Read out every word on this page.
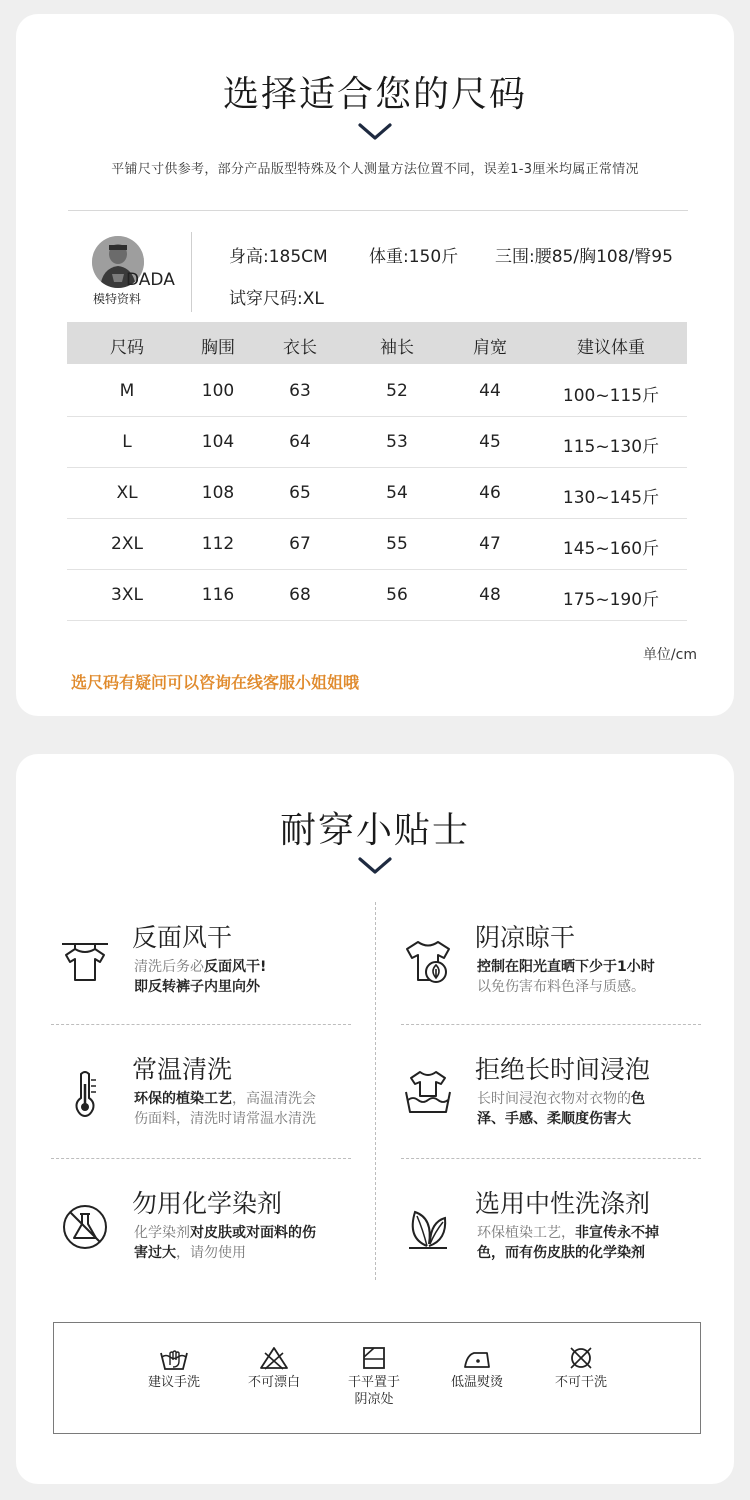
选择适合您的尺码
平铺尺寸供参考，部分产品版型特殊及个人测量方法位置不同，误差1-3厘米均属正常情况
DADA
模特资料
身高:185CM 体重:150斤 三围:腰85/胸108/臀95
试穿尺码:XL
尺码	胸围	衣长	袖长	肩宽	建议体重
M	100	63	52	44	100~115斤
L	104	64	53	45	115~130斤
XL	108	65	54	46	130~145斤
2XL	112	67	55	47	145~160斤
3XL	116	68	56	48	175~190斤
单位/cm
选尺码有疑问可以咨询在线客服小姐姐哦
耐穿小贴士
反面风干
清洗后务必反面风干!
即反转裤子内里向外
阴凉晾干
控制在阳光直晒下少于1小时
以免伤害布料色泽与质感。
常温清洗
环保的植染工艺，高温清洗会
伤面料，清洗时请常温水清洗
拒绝长时间浸泡
长时间浸泡衣物对衣物的色
泽、手感、柔顺度伤害大
勿用化学染剂
化学染剂对皮肤或对面料的伤
害过大，请勿使用
选用中性洗涤剂
环保植染工艺，非宣传永不掉
色，而有伤皮肤的化学染剂
建议手洗	不可漂白	干平置于
阴凉处
低温熨烫	不可干洗
